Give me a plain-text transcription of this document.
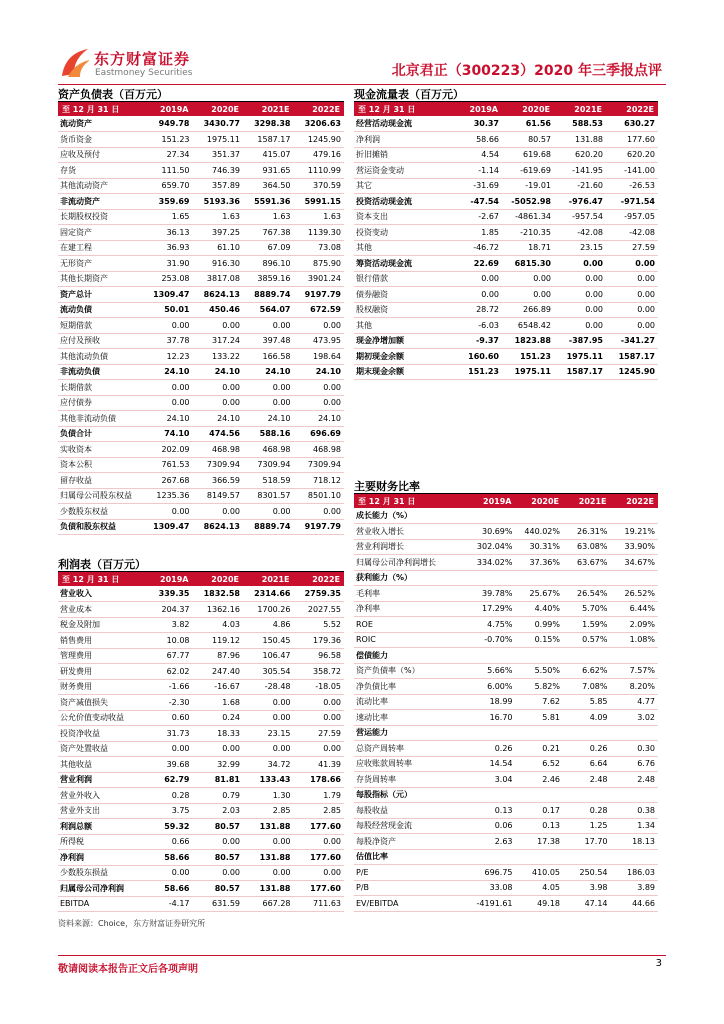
东方财富证券
Eastmoney Securities	北京君正（300223）2020 年三季报点评
资产负债表（百万元）
至 12 月 31 日	2019A	2020E	2021E	2022E
流动资产	949.78	3430.77	3298.38	3206.63
货币资金	151.23	1975.11	1587.17	1245.90
应收及预付	27.34	351.37	415.07	479.16
存货	111.50	746.39	931.65	1110.99
其他流动资产	659.70	357.89	364.50	370.59
非流动资产	359.69	5193.36	5591.36	5991.15
长期股权投资	1.65	1.63	1.63	1.63
固定资产	36.13	397.25	767.38	1139.30
在建工程	36.93	61.10	67.09	73.08
无形资产	31.90	916.30	896.10	875.90
其他长期资产	253.08	3817.08	3859.16	3901.24
资产总计	1309.47	8624.13	8889.74	9197.79
流动负债	50.01	450.46	564.07	672.59
短期借款	0.00	0.00	0.00	0.00
应付及预收	37.78	317.24	397.48	473.95
其他流动负债	12.23	133.22	166.58	198.64
非流动负债	24.10	24.10	24.10	24.10
长期借款	0.00	0.00	0.00	0.00
应付债券	0.00	0.00	0.00	0.00
其他非流动负债	24.10	24.10	24.10	24.10
负债合计	74.10	474.56	588.16	696.69
实收资本	202.09	468.98	468.98	468.98
资本公积	761.53	7309.94	7309.94	7309.94
留存收益	267.68	366.59	518.59	718.12
归属母公司股东权益	1235.36	8149.57	8301.57	8501.10
少数股东权益	0.00	0.00	0.00	0.00
负债和股东权益	1309.47	8624.13	8889.74	9197.79
现金流量表（百万元）
至 12 月 31 日	2019A	2020E	2021E	2022E
经营活动现金流	30.37	61.56	588.53	630.27
净利润	58.66	80.57	131.88	177.60
折旧摊销	4.54	619.68	620.20	620.20
营运资金变动	-1.14	-619.69	-141.95	-141.00
其它	-31.69	-19.01	-21.60	-26.53
投资活动现金流	-47.54	-5052.98	-976.47	-971.54
资本支出	-2.67	-4861.34	-957.54	-957.05
投资变动	1.85	-210.35	-42.08	-42.08
其他	-46.72	18.71	23.15	27.59
筹资活动现金流	22.69	6815.30	0.00	0.00
银行借款	0.00	0.00	0.00	0.00
债券融资	0.00	0.00	0.00	0.00
股权融资	28.72	266.89	0.00	0.00
其他	-6.03	6548.42	0.00	0.00
现金净增加额	-9.37	1823.88	-387.95	-341.27
期初现金余额	160.60	151.23	1975.11	1587.17
期末现金余额	151.23	1975.11	1587.17	1245.90
利润表（百万元）
至 12 月 31 日	2019A	2020E	2021E	2022E
营业收入	339.35	1832.58	2314.66	2759.35
营业成本	204.37	1362.16	1700.26	2027.55
税金及附加	3.82	4.03	4.86	5.52
销售费用	10.08	119.12	150.45	179.36
管理费用	67.77	87.96	106.47	96.58
研发费用	62.02	247.40	305.54	358.72
财务费用	-1.66	-16.67	-28.48	-18.05
资产减值损失	-2.30	1.68	0.00	0.00
公允价值变动收益	0.60	0.24	0.00	0.00
投资净收益	31.73	18.33	23.15	27.59
资产处置收益	0.00	0.00	0.00	0.00
其他收益	39.68	32.99	34.72	41.39
营业利润	62.79	81.81	133.43	178.66
营业外收入	0.28	0.79	1.30	1.79
营业外支出	3.75	2.03	2.85	2.85
利润总额	59.32	80.57	131.88	177.60
所得税	0.66	0.00	0.00	0.00
净利润	58.66	80.57	131.88	177.60
少数股东损益	0.00	0.00	0.00	0.00
归属母公司净利润	58.66	80.57	131.88	177.60
EBITDA	-4.17	631.59	667.28	711.63
主要财务比率
至 12 月 31 日	2019A	2020E	2021E	2022E
成长能力（%）				
营业收入增长	30.69%	440.02%	26.31%	19.21%
营业利润增长	302.04%	30.31%	63.08%	33.90%
归属母公司净利润增长	334.02%	37.36%	63.67%	34.67%
获利能力（%）				
毛利率	39.78%	25.67%	26.54%	26.52%
净利率	17.29%	4.40%	5.70%	6.44%
ROE	4.75%	0.99%	1.59%	2.09%
ROIC	-0.70%	0.15%	0.57%	1.08%
偿债能力				
资产负债率（%）	5.66%	5.50%	6.62%	7.57%
净负债比率	6.00%	5.82%	7.08%	8.20%
流动比率	18.99	7.62	5.85	4.77
速动比率	16.70	5.81	4.09	3.02
营运能力				
总资产周转率	0.26	0.21	0.26	0.30
应收账款周转率	14.54	6.52	6.64	6.76
存货周转率	3.04	2.46	2.48	2.48
每股指标（元）				
每股收益	0.13	0.17	0.28	0.38
每股经营现金流	0.06	0.13	1.25	1.34
每股净资产	2.63	17.38	17.70	18.13
估值比率				
P/E	696.75	410.05	250.54	186.03
P/B	33.08	4.05	3.98	3.89
EV/EBITDA	-4191.61	49.18	47.14	44.66
资料来源：Choice，东方财富证券研究所
敬请阅读本报告正文后各项声明
3
